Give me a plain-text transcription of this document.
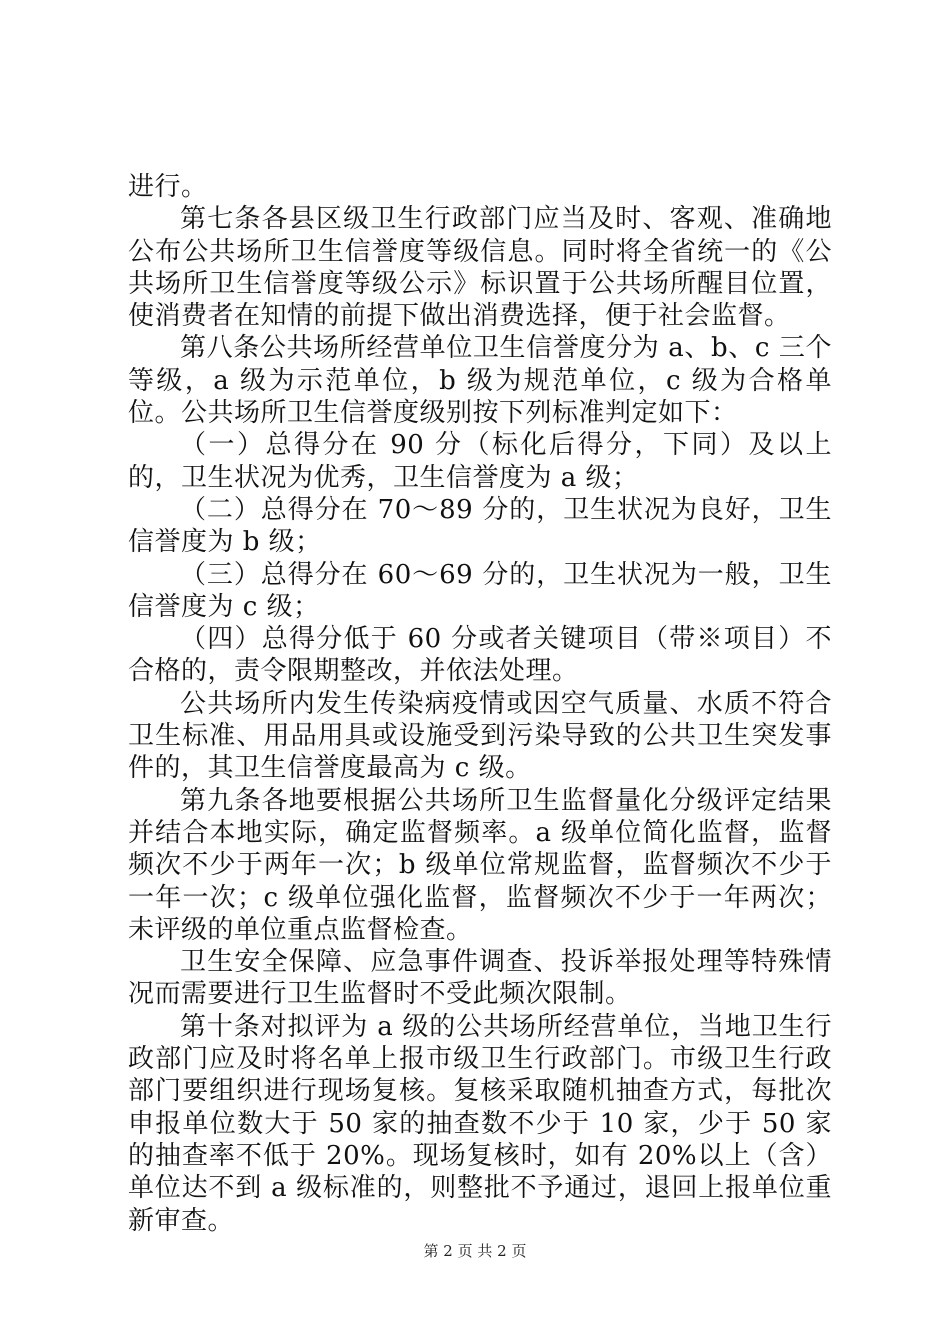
进行。

第七条各县区级卫生行政部门应当及时、客观、准确地公布公共场所卫生信誉度等级信息。同时将全省统一的《公共场所卫生信誉度等级公示》标识置于公共场所醒目位置，使消费者在知情的前提下做出消费选择，便于社会监督。

第八条公共场所经营单位卫生信誉度分为 a、b、c 三个等级，a 级为示范单位，b 级为规范单位，c 级为合格单位。公共场所卫生信誉度级别按下列标准判定如下：

（一）总得分在 90 分（标化后得分，下同）及以上的，卫生状况为优秀，卫生信誉度为 a 级；

（二）总得分在 70～89 分的，卫生状况为良好，卫生信誉度为 b 级；

（三）总得分在 60～69 分的，卫生状况为一般，卫生信誉度为 c 级；

（四）总得分低于 60 分或者关键项目（带※项目）不合格的，责令限期整改，并依法处理。

公共场所内发生传染病疫情或因空气质量、水质不符合卫生标准、用品用具或设施受到污染导致的公共卫生突发事件的，其卫生信誉度最高为 c 级。

第九条各地要根据公共场所卫生监督量化分级评定结果并结合本地实际，确定监督频率。a 级单位简化监督，监督频次不少于两年一次；b 级单位常规监督，监督频次不少于一年一次；c 级单位强化监督，监督频次不少于一年两次；未评级的单位重点监督检查。

卫生安全保障、应急事件调查、投诉举报处理等特殊情况而需要进行卫生监督时不受此频次限制。

第十条对拟评为 a 级的公共场所经营单位，当地卫生行政部门应及时将名单上报市级卫生行政部门。市级卫生行政部门要组织进行现场复核。复核采取随机抽查方式，每批次申报单位数大于 50 家的抽查数不少于 10 家，少于 50 家的抽查率不低于 20%。现场复核时，如有 20%以上（含）单位达不到 a 级标准的，则整批不予通过，退回上报单位重新审查。

第 2 页 共 2 页
